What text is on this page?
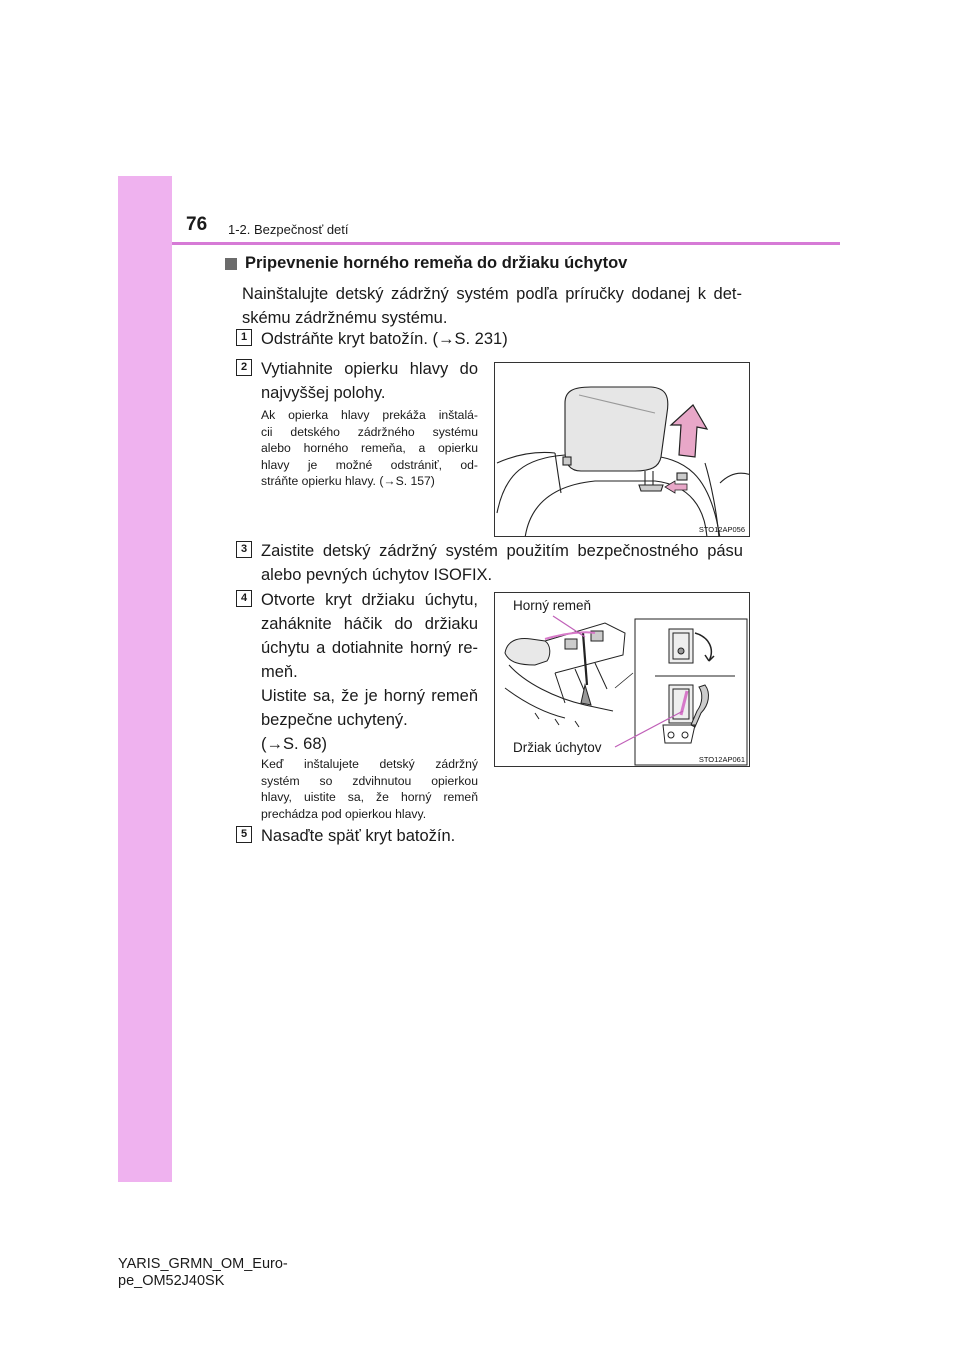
76 1-2. Bezpečnosť detí
Pripevnenie horného remeňa do držiaku úchytov
Nainštalujte detský zádržný systém podľa príručky dodanej k det-
skému zádržnému systému.
1 Odstráňte kryt batožín. (→S. 231)
2 Vytiahnite opierku hlavy do
najvyššej polohy.
Ak opierka hlavy prekáža inštalá-
cii detského zádržného systému
alebo horného remeňa, a opierku
hlavy je možné odstrániť, od-
stráňte opierku hlavy. (→S. 157)
STO12AP056
3 Zaistite detský zádržný systém použitím bezpečnostného pásu
alebo pevných úchytov ISOFIX.
4 Otvorte kryt držiaku úchytu,
zaháknite háčik do držiaku
úchytu a dotiahnite horný re-
meň.
Uistite sa, že je horný remeň
bezpečne uchytený.
(→S. 68)
Keď inštalujete detský zádržný
systém so zdvihnutou opierkou
hlavy, uistite sa, že horný remeň
prechádza pod opierkou hlavy.
Horný remeň
Držiak úchytov
STO12AP061
5 Nasaďte späť kryt batožín.
YARIS_GRMN_OM_Euro-
pe_OM52J40SK
